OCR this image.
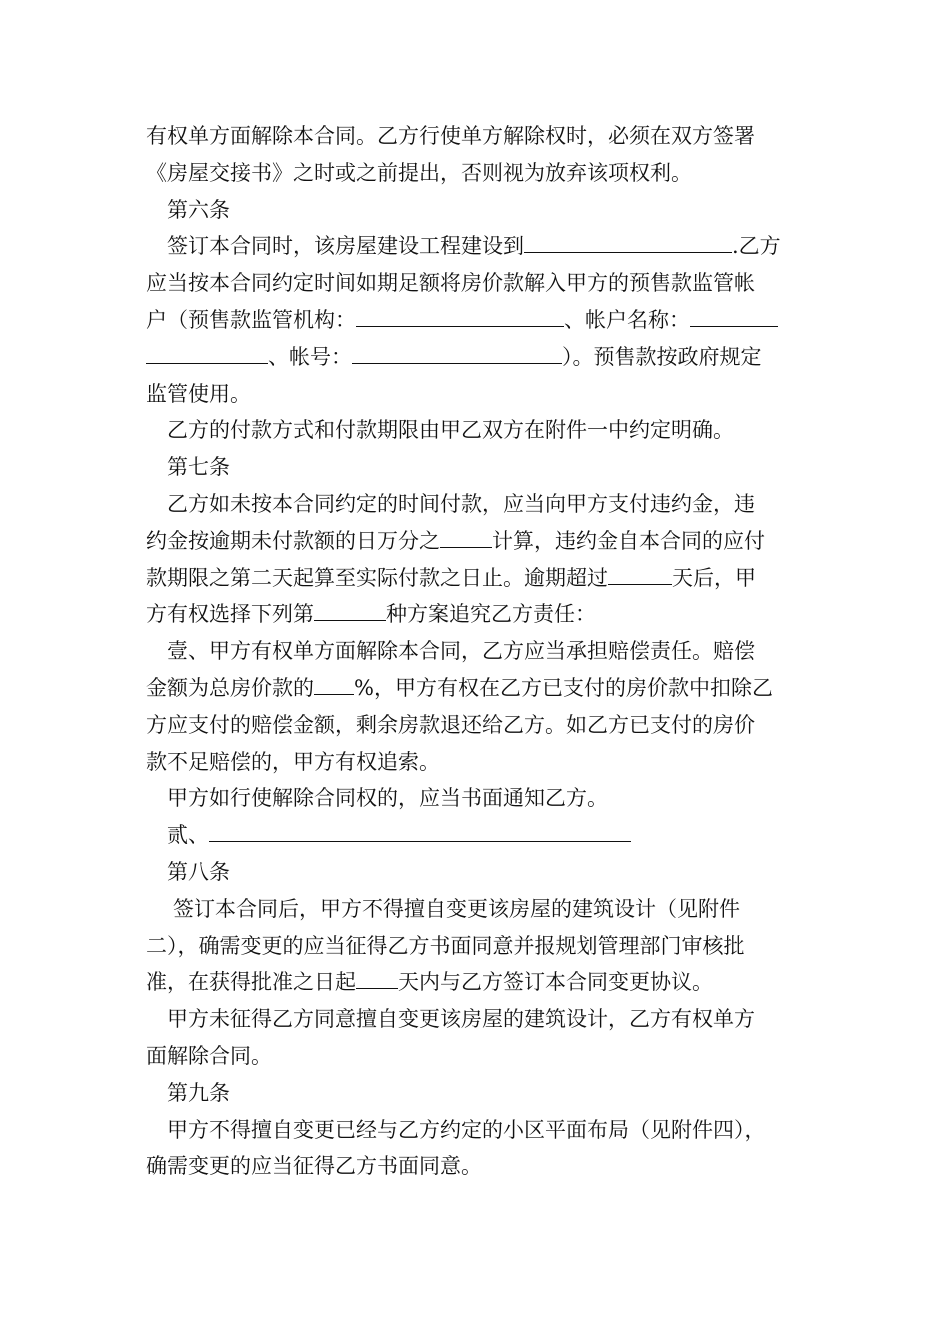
有权单方面解除本合同。乙方行使单方解除权时，必须在双方签署
《房屋交接书》之时或之前提出，否则视为放弃该项权利。
第六条
签订本合同时，该房屋建设工程建设到	.乙方
应当按本合同约定时间如期足额将房价款解入甲方的预售款监管帐
户（预售款监管机构：	、帐户名称：
、帐号：	）。预售款按政府规定
监管使用。
乙方的付款方式和付款期限由甲乙双方在附件一中约定明确。
第七条
乙方如未按本合同约定的时间付款，应当向甲方支付违约金，违
约金按逾期未付款额的日万分之 计算，违约金自本合同的应付
款期限之第二天起算至实际付款之日止。逾期超过	天后，甲
方有权选择下列第	种方案追究乙方责任：
壹、甲方有权单方面解除本合同，乙方应当承担赔偿责任。赔偿
金额为总房价款的 %，甲方有权在乙方已支付的房价款中扣除乙
方应支付的赔偿金额，剩余房款退还给乙方。如乙方已支付的房价
款不足赔偿的，甲方有权追索。
甲方如行使解除合同权的，应当书面通知乙方。
贰、
第八条
签订本合同后，甲方不得擅自变更该房屋的建筑设计（见附件
二），确需变更的应当征得乙方书面同意并报规划管理部门审核批
准，在获得批准之日起 天内与乙方签订本合同变更协议。
甲方未征得乙方同意擅自变更该房屋的建筑设计，乙方有权单方
面解除合同。
第九条
甲方不得擅自变更已经与乙方约定的小区平面布局（见附件四），
确需变更的应当征得乙方书面同意。
